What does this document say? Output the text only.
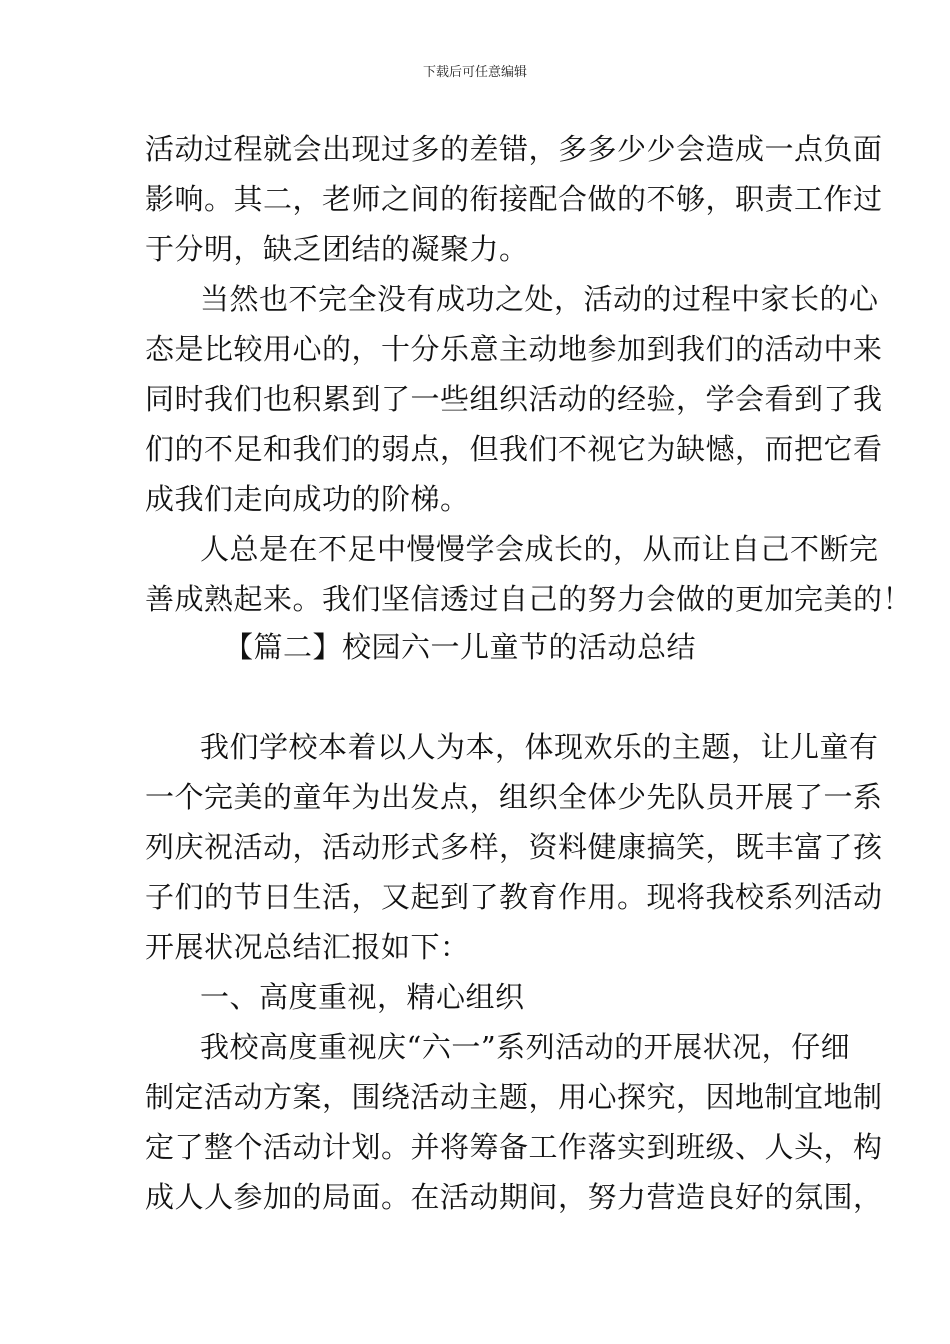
下载后可任意编辑
活动过程就会出现过多的差错，多多少少会造成一点负面
影响。其二，老师之间的衔接配合做的不够，职责工作过
于分明，缺乏团结的凝聚力。
当然也不完全没有成功之处，活动的过程中家长的心
态是比较用心的，十分乐意主动地参加到我们的活动中来
同时我们也积累到了一些组织活动的经验，学会看到了我
们的不足和我们的弱点，但我们不视它为缺憾，而把它看
成我们走向成功的阶梯。
人总是在不足中慢慢学会成长的，从而让自己不断完
善成熟起来。我们坚信透过自己的努力会做的更加完美的！
【篇二】校园六一儿童节的活动总结
我们学校本着以人为本，体现欢乐的主题，让儿童有
一个完美的童年为出发点，组织全体少先队员开展了一系
列庆祝活动，活动形式多样，资料健康搞笑，既丰富了孩
子们的节日生活，又起到了教育作用。现将我校系列活动
开展状况总结汇报如下：
一、高度重视，精心组织
我校高度重视庆“六一”系列活动的开展状况，仔细
制定活动方案，围绕活动主题，用心探究，因地制宜地制
定了整个活动计划。并将筹备工作落实到班级、人头，构
成人人参加的局面。在活动期间，努力营造良好的氛围，
